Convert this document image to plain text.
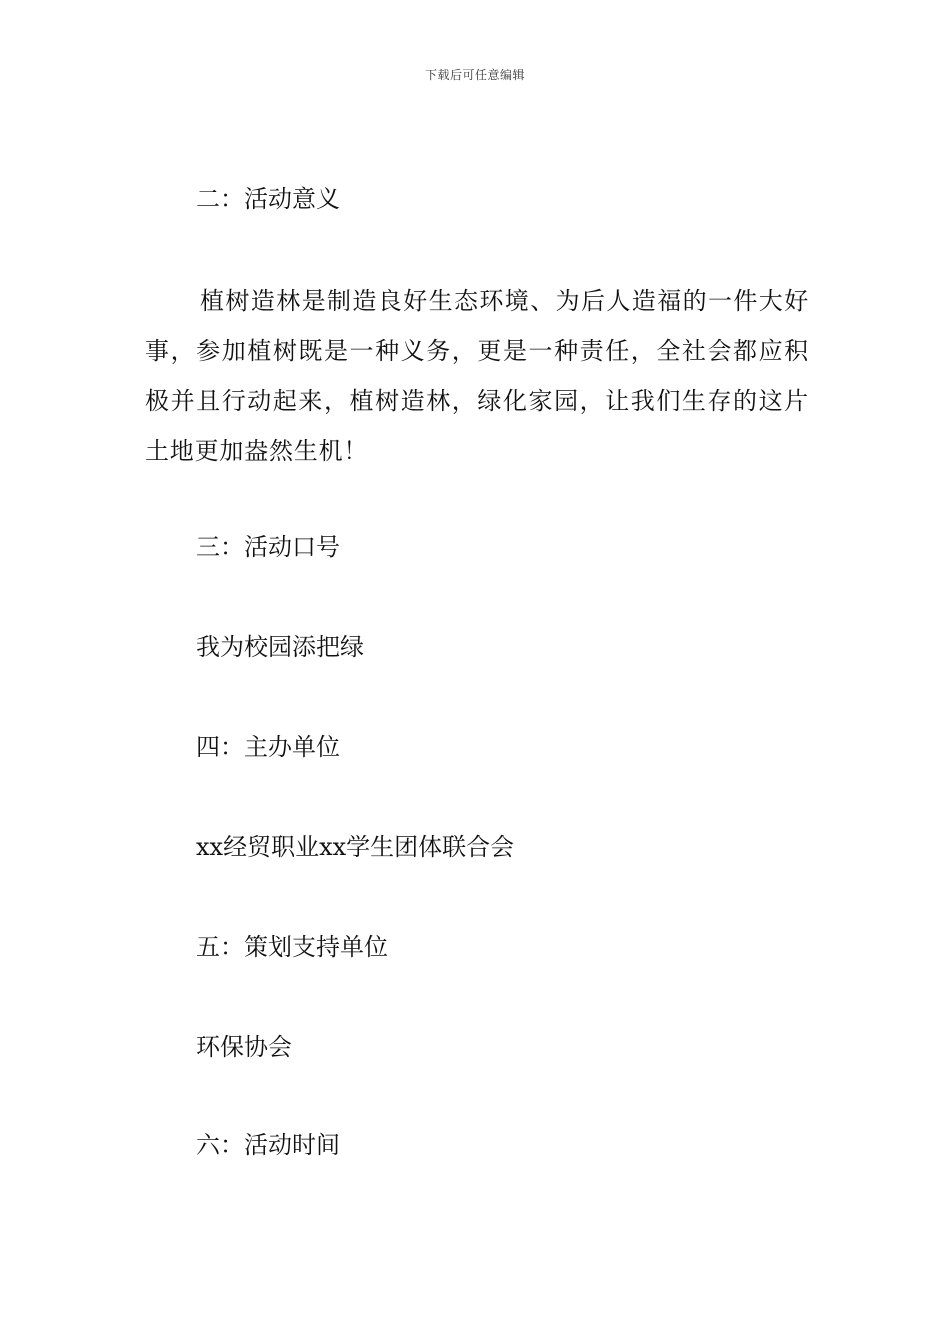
下载后可任意编辑
二：活动意义
植树造林是制造良好生态环境、为后人造福的一件大好事，参加植树既是一种义务，更是一种责任，全社会都应积极并且行动起来，植树造林，绿化家园，让我们生存的这片土地更加盎然生机！
三：活动口号
我为校园添把绿
四：主办单位
xx经贸职业xx学生团体联合会
五：策划支持单位
环保协会
六：活动时间
